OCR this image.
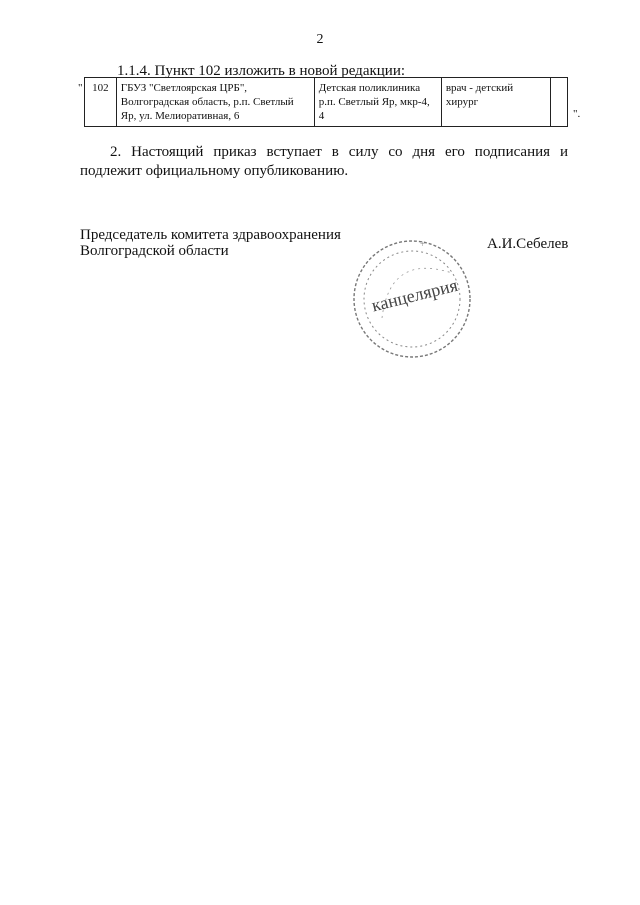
2
1.1.4. Пункт 102 изложить в новой редакции:
" 102	ГБУЗ "Светлоярская ЦРБ", Волгоградская область, р.п. Светлый Яр, ул. Мелиоративная, 6	Детская поликлиника р.п. Светлый Яр, мкр-4, 4	врач - детский хирург	
".

2. Настоящий приказ вступает в силу со дня его подписания и подлежит официальному опубликованию.

Председатель комитета здравоохранения
Волгоградской области	А.И.Себелев
+
канцелярия
